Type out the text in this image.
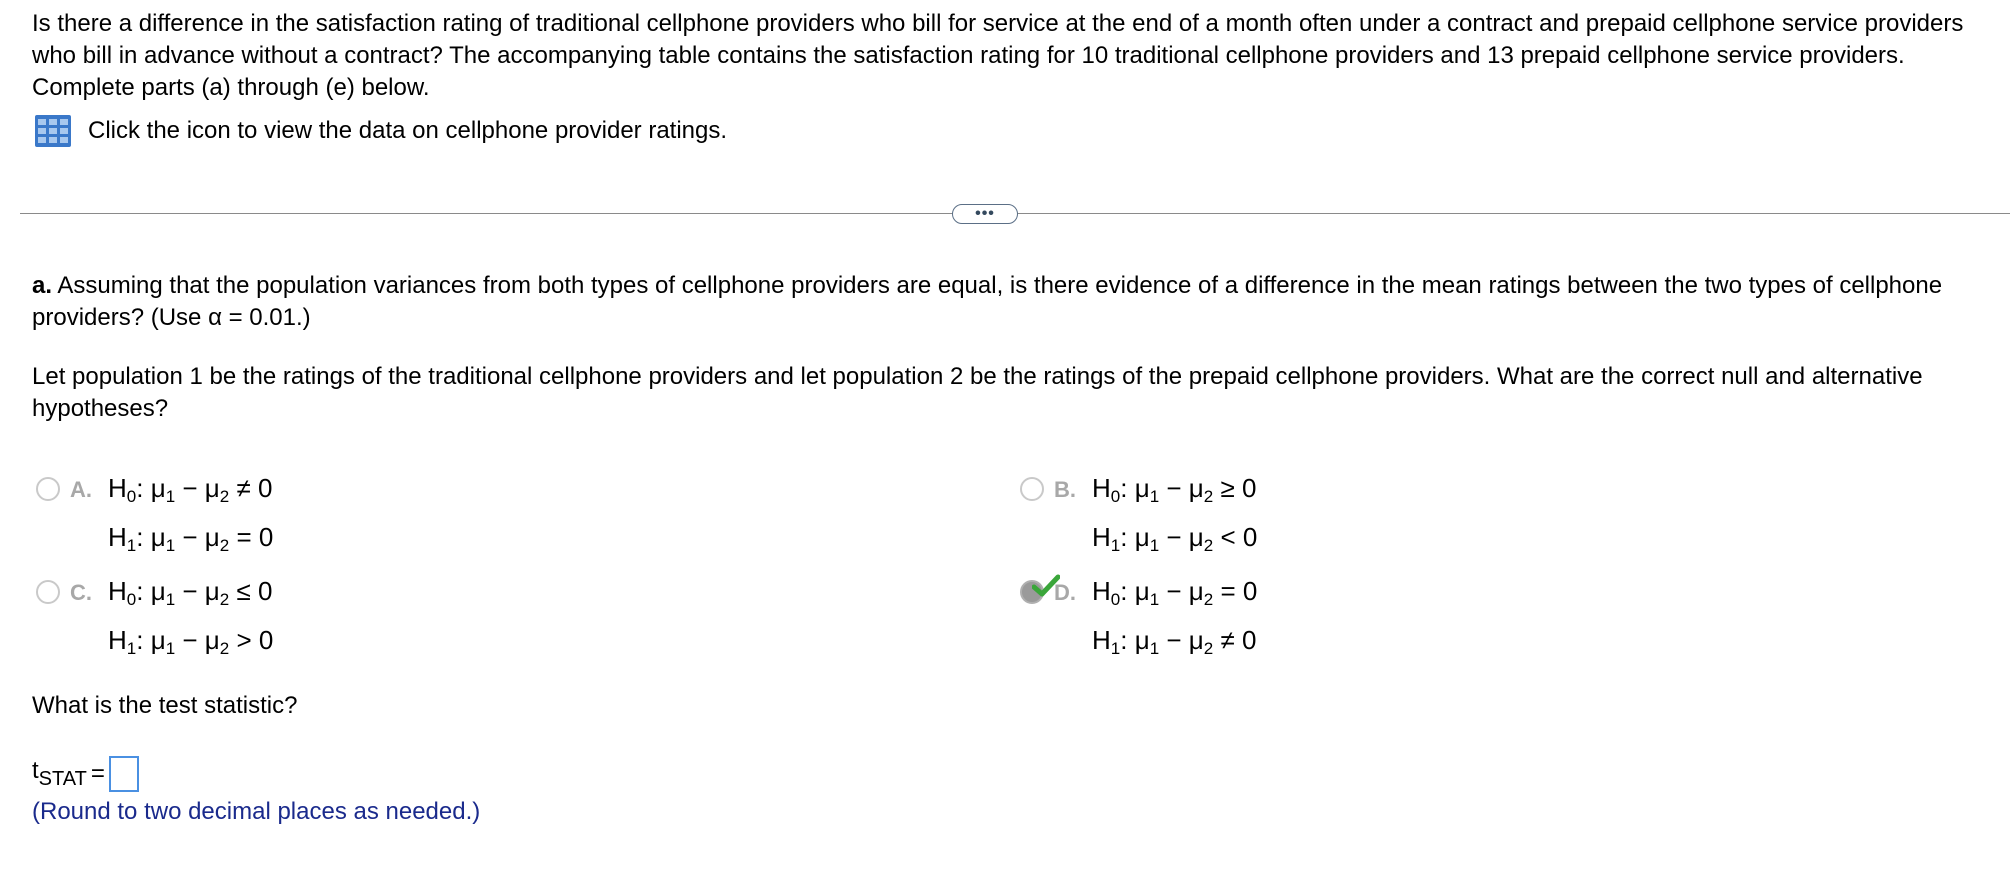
Is there a difference in the satisfaction rating of traditional cellphone providers who bill for service at the end of a month often under a contract and prepaid cellphone service providers who bill in advance without a contract? The accompanying table contains the satisfaction rating for 10 traditional cellphone providers and 13 prepaid cellphone service providers. Complete parts (a) through (e) below.

Click the icon to view the data on cellphone provider ratings.
•••

a. Assuming that the population variances from both types of cellphone providers are equal, is there evidence of a difference in the mean ratings between the two types of cellphone providers? (Use α = 0.01.)

Let population 1 be the ratings of the traditional cellphone providers and let population 2 be the ratings of the prepaid cellphone providers. What are the correct null and alternative hypotheses?

A. $H_0$: $\mu_1 - \mu_2 \ne 0$
$H_1$: $\mu_1 - \mu_2 = 0$
B. $H_0$: $\mu_1 - \mu_2 \ge 0$
$H_1$: $\mu_1 - \mu_2 < 0$
C. $H_0$: $\mu_1 - \mu_2 \le 0$
$H_1$: $\mu_1 - \mu_2 > 0$
D. $H_0$: $\mu_1 - \mu_2 = 0$
$H_1$: $\mu_1 - \mu_2 \ne 0$

What is the test statistic?

$t_{STAT}$ =

(Round to two decimal places as needed.)
